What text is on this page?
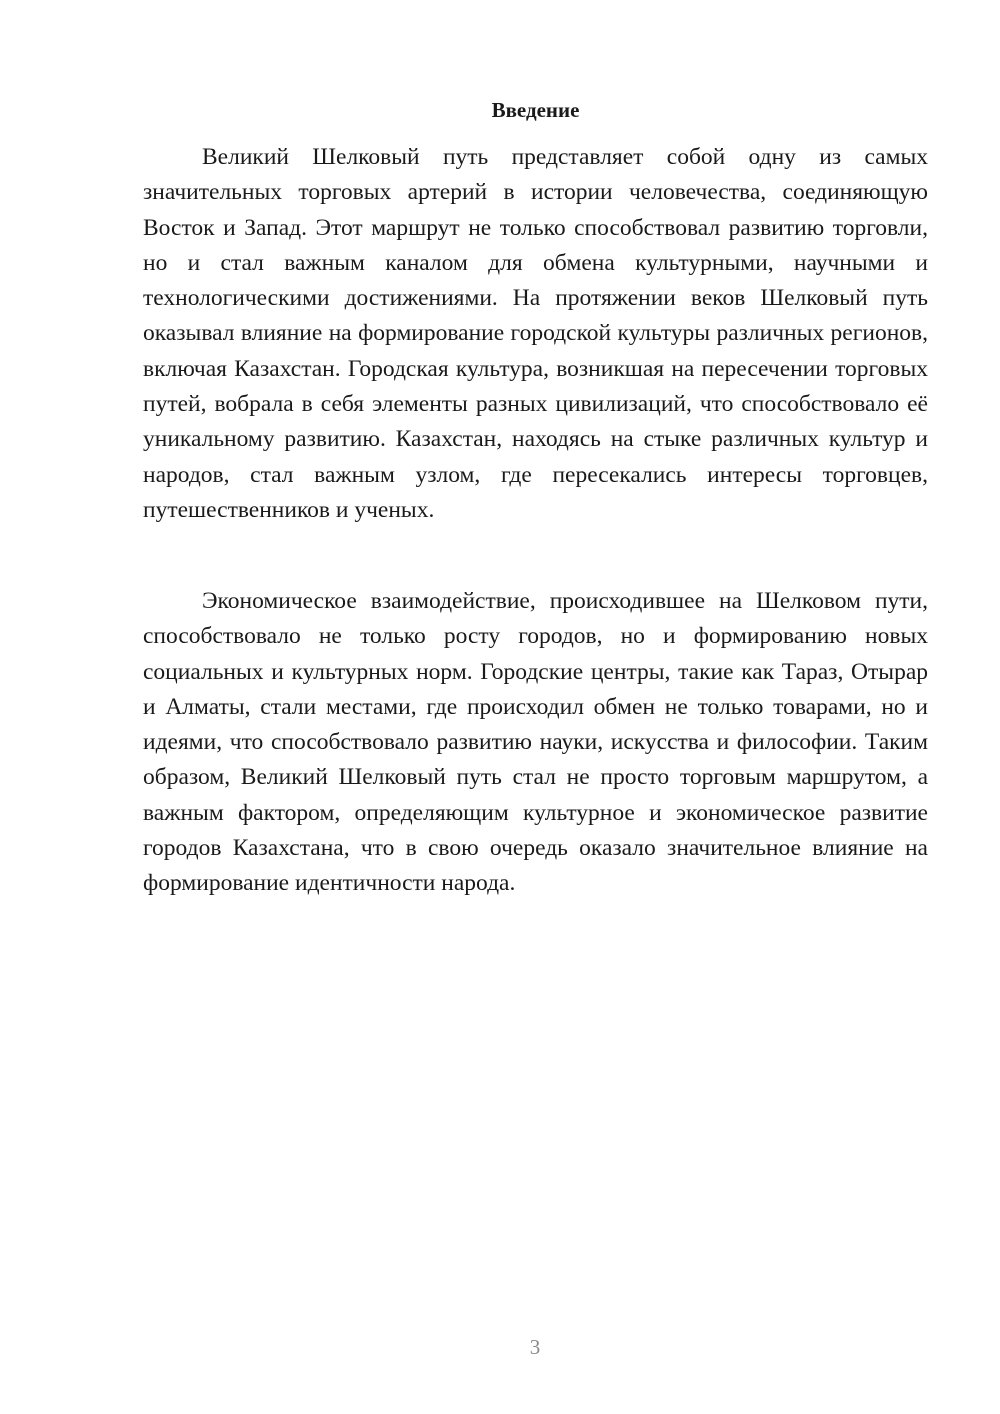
Введение

Великий Шелковый путь представляет собой одну из самых значительных торговых артерий в истории человечества, соединяющую Восток и Запад. Этот маршрут не только способствовал развитию торговли, но и стал важным каналом для обмена культурными, научными и технологическими достижениями. На протяжении веков Шелковый путь оказывал влияние на формирование городской культуры различных регионов, включая Казахстан. Городская культура, возникшая на пересечении торговых путей, вобрала в себя элементы разных цивилизаций, что способствовало её уникальному развитию. Казахстан, находясь на стыке различных культур и народов, стал важным узлом, где пересекались интересы торговцев, путешественников и ученых.

Экономическое взаимодействие, происходившее на Шелковом пути, способствовало не только росту городов, но и формированию новых социальных и культурных норм. Городские центры, такие как Тараз, Отырар и Алматы, стали местами, где происходил обмен не только товарами, но и идеями, что способствовало развитию науки, искусства и философии. Таким образом, Великий Шелковый путь стал не просто торговым маршрутом, а важным фактором, определяющим культурное и экономическое развитие городов Казахстана, что в свою очередь оказало значительное влияние на формирование идентичности народа.

3
